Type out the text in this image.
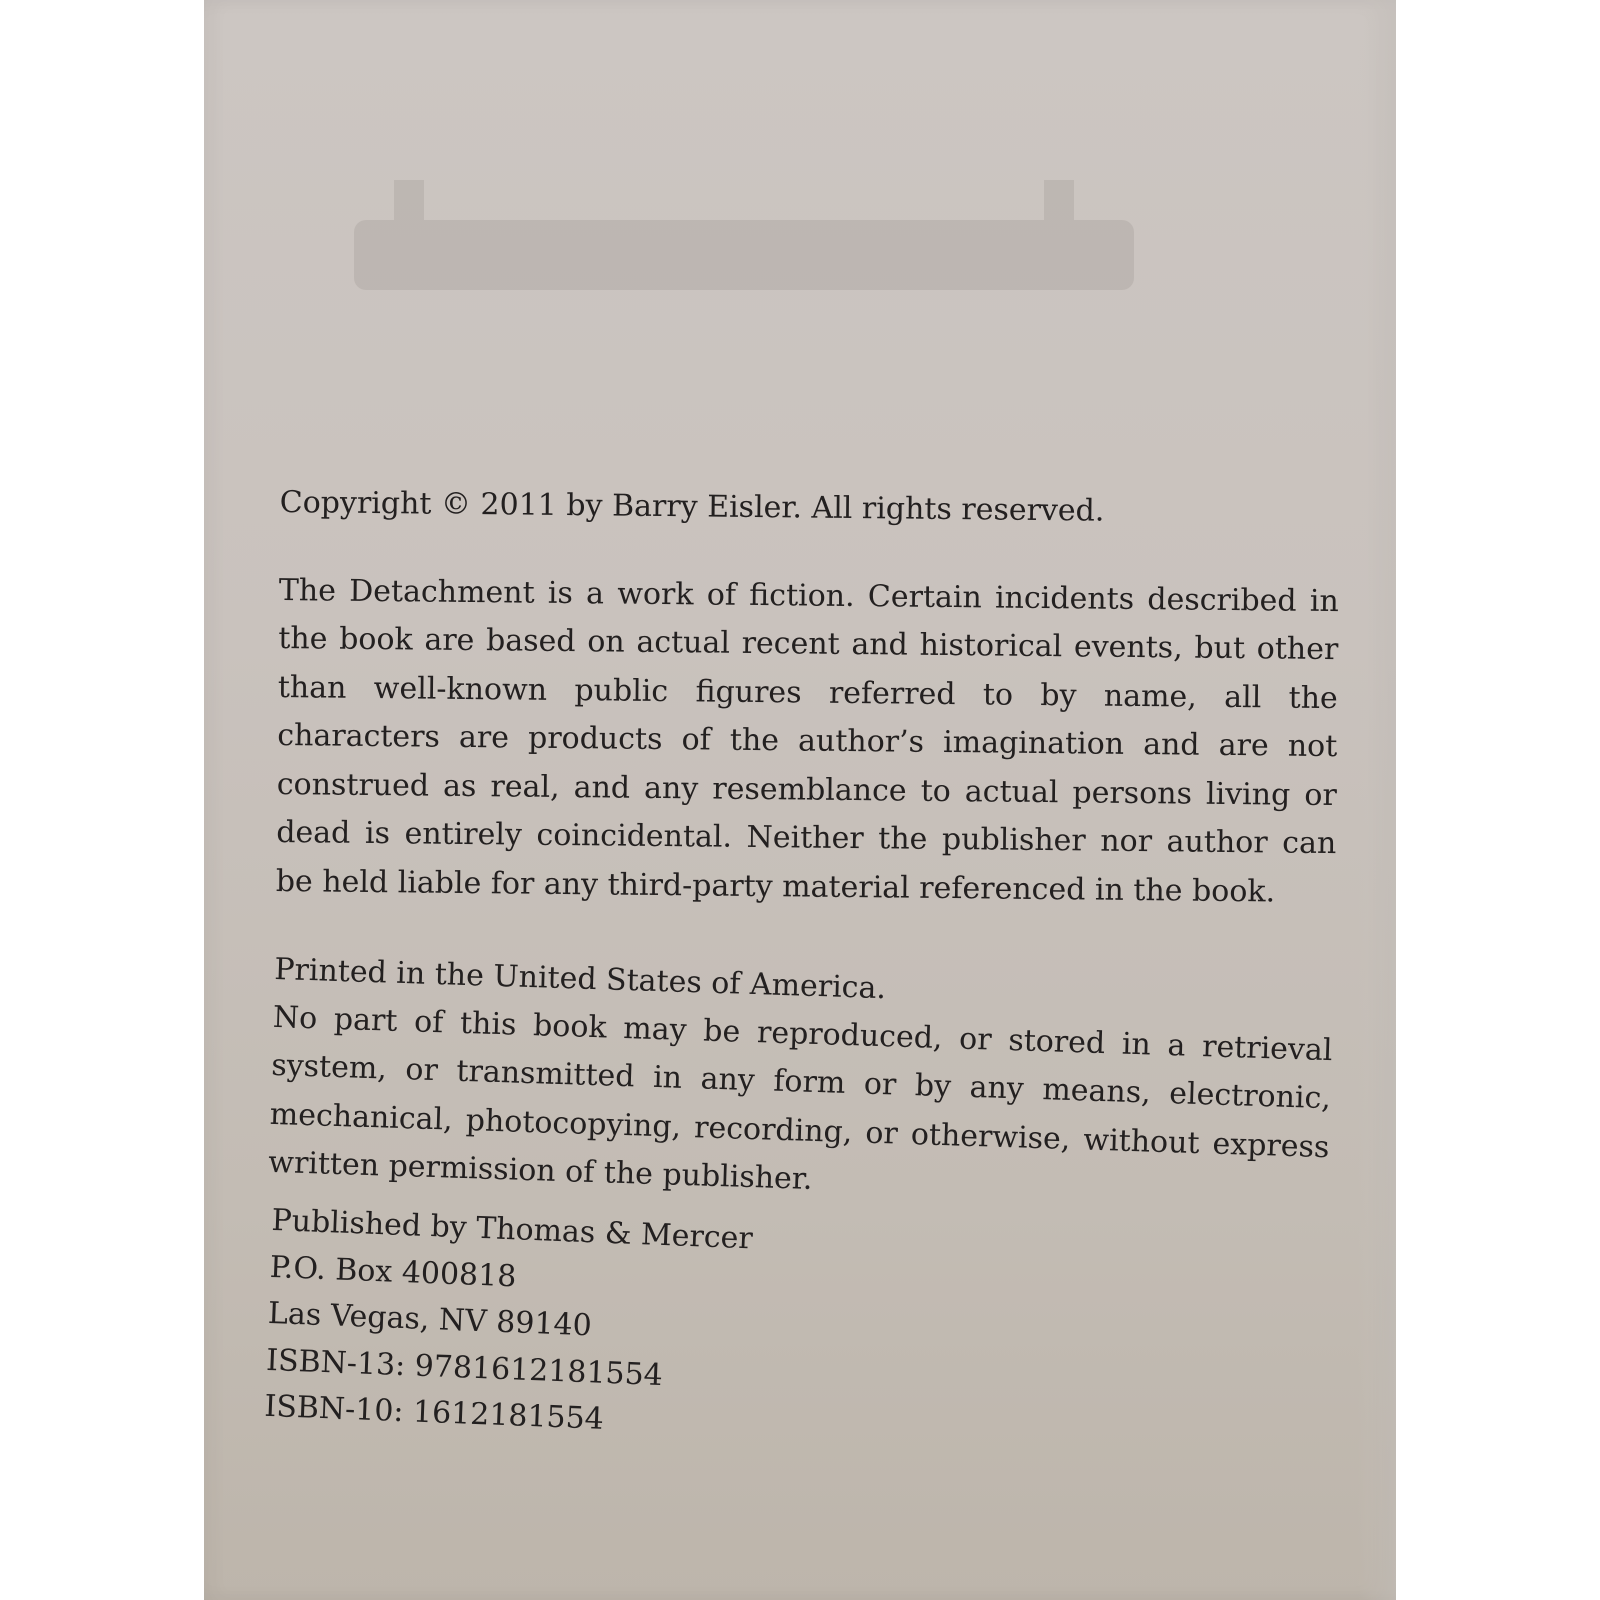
Copyright © 2011 by Barry Eisler. All rights reserved.

The Detachment is a work of fiction. Certain incidents described in the book are based on actual recent and historical events, but other than well-known public figures referred to by name, all the characters are products of the author’s imagination and are not construed as real, and any resemblance to actual persons living or dead is entirely coincidental. Neither the publisher nor author can be held liable for any third-party material referenced in the book.

Printed in the United States of America.

No part of this book may be reproduced, or stored in a retrieval system, or transmitted in any form or by any means, electronic, mechanical, photocopying, recording, or otherwise, without express written permission of the publisher.

Published by Thomas & Mercer

P.O. Box 400818

Las Vegas, NV 89140

ISBN-13: 9781612181554

ISBN-10: 1612181554
